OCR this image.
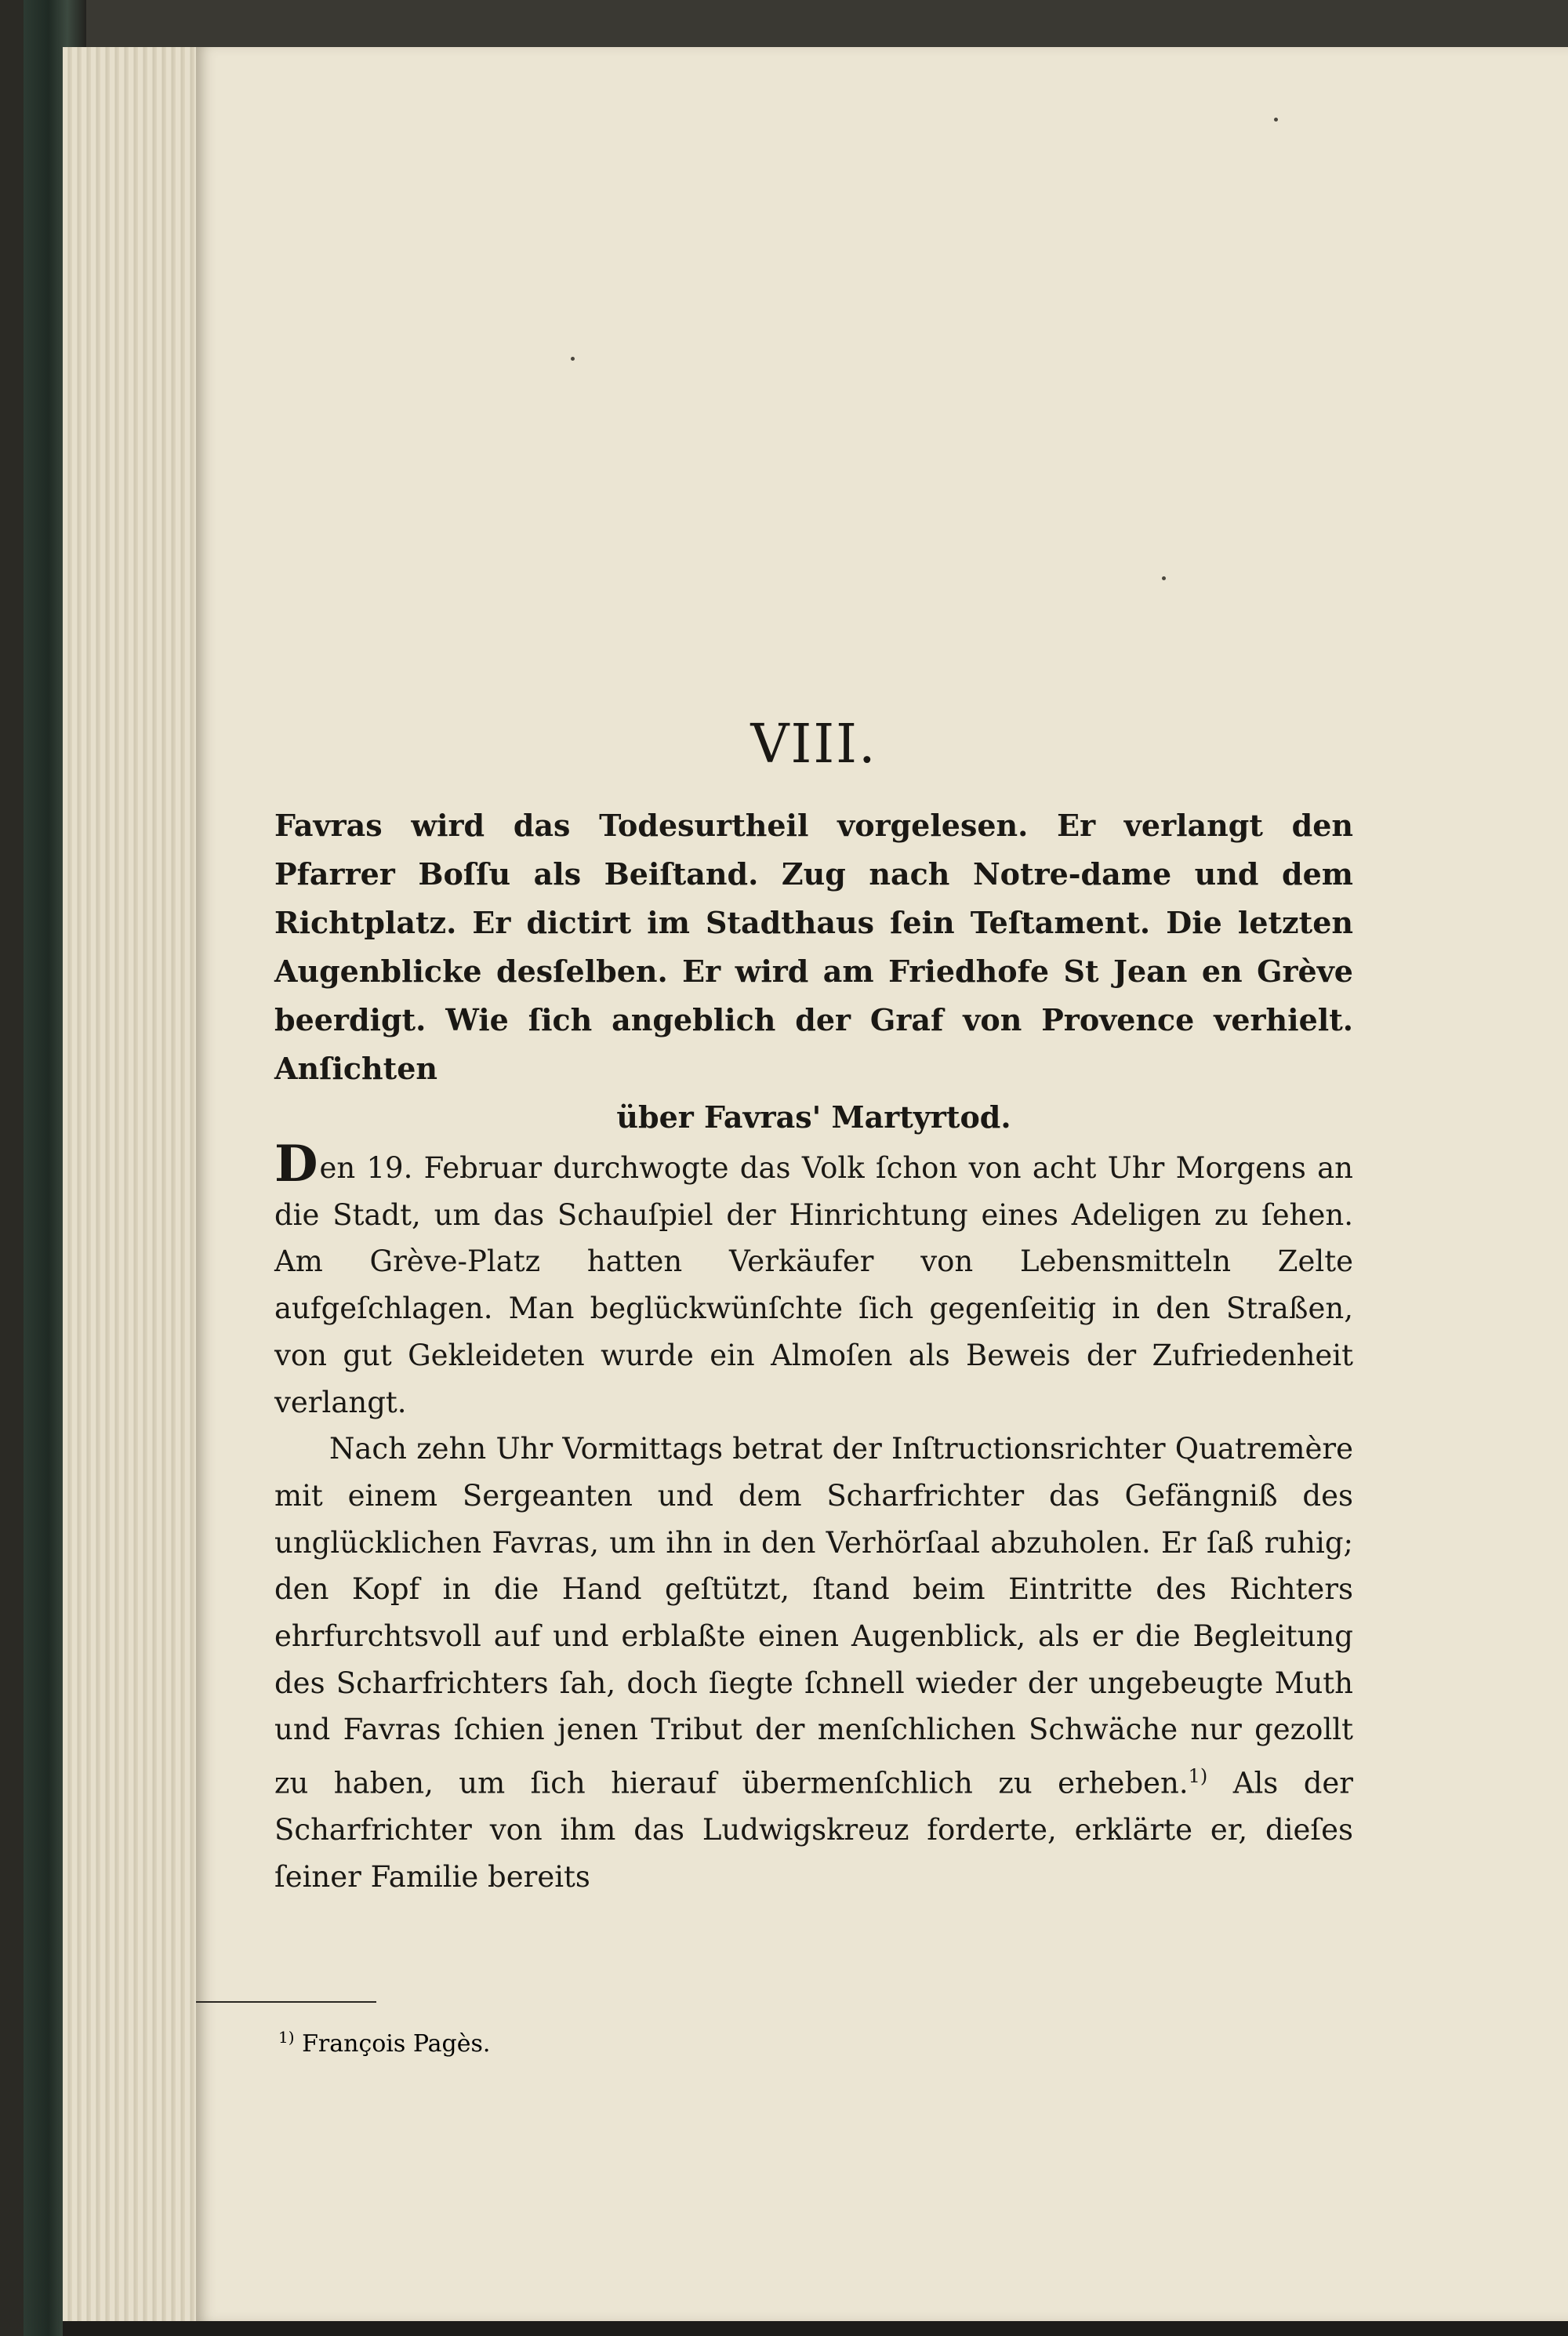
VIII.
Favras wird das Todesurtheil vorgelesen. Er verlangt den Pfarrer Boſſu als Beiſtand. Zug nach Notre-dame und dem Richtplatz. Er dictirt im Stadthaus ſein Teſtament. Die letzten Augenblicke desſelben. Er wird am Friedhofe St Jean en Grève beerdigt. Wie ſich angeblich der Graf von Provence verhielt. Anſichten
über Favras' Martyrtod.

Den 19. Februar durchwogte das Volk ſchon von acht Uhr Morgens an die Stadt, um das Schauſpiel der Hinrichtung eines Adeligen zu ſehen. Am Grève-Platz hatten Verkäufer von Lebensmitteln Zelte aufgeſchlagen. Man beglückwünſchte ſich gegenſeitig in den Straßen, von gut Gekleideten wurde ein Almoſen als Beweis der Zufriedenheit verlangt.

Nach zehn Uhr Vormittags betrat der Inſtructionsrichter Quatremère mit einem Sergeanten und dem Scharfrichter das Gefängniß des unglücklichen Favras, um ihn in den Verhörſaal abzuholen. Er ſaß ruhig; den Kopf in die Hand geſtützt, ſtand beim Eintritte des Richters ehrfurchtsvoll auf und erblaßte einen Augenblick, als er die Begleitung des Scharfrichters ſah, doch ſiegte ſchnell wieder der ungebeugte Muth und Favras ſchien jenen Tribut der menſchlichen Schwäche nur gezollt zu haben, um ſich hierauf übermenſchlich zu erheben.$^{1)}$ Als der Scharfrichter von ihm das Ludwigskreuz forderte, erklärte er, dieſes ſeiner Familie bereits

$^{1)}$ François Pagès.
